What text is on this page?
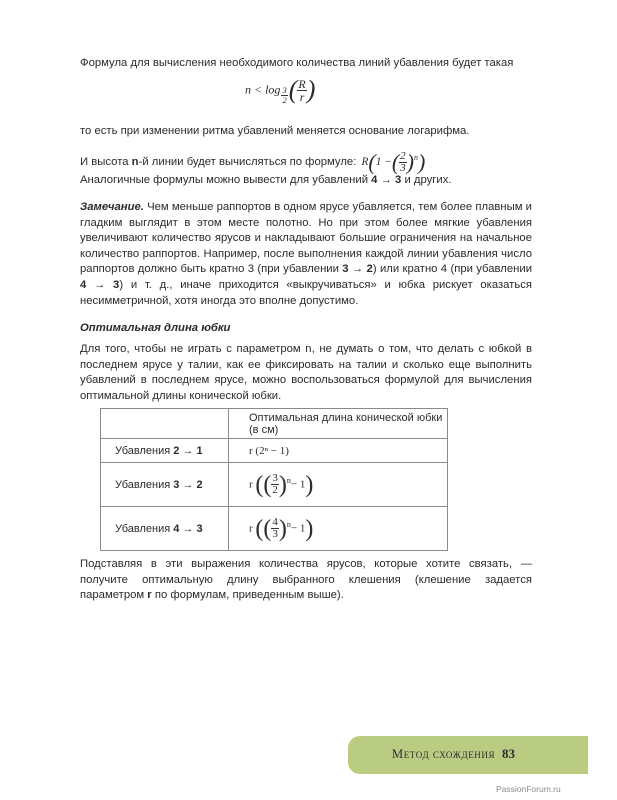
Формула для вычисления необходимого количества линий убавления будет такая
$n < \log \frac{3}{2}$ ( $\frac{R}{r}$ )
то есть при изменении ритма убавлений меняется основание логарифма.
И высота n-й линии будет вычисляться по формуле: R(1 −( $\frac{2}{3} )^n$)
Аналогичные формулы можно вывести для убавлений 4 → 3 и других.
Замечание. Чем меньше раппортов в одном ярусе убавляется, тем более плавным и гладким выглядит в этом месте полотно. Но при этом более мягкие убавления увеличивают количество ярусов и накладывают большие ограничения на начальное количество раппортов. Например, после выполнения каждой линии убавления число раппортов должно быть кратно 3 (при убавлении 3 → 2) или кратно 4 (при убавлении 4 → 3) и т. д., иначе приходится «выкручиваться» и юбка рискует оказаться несимметричной, хотя иногда это вполне допустимо.
Оптимальная длина юбки
Для того, чтобы не играть с параметром n, не думать о том, что делать с юбкой в последнем ярусе у талии, как ее фиксировать на талии и сколько еще выполнить убавлений в последнем ярусе, можно воспользоваться формулой для вычисления оптимальной длины конической юбки.
	Оптимальная длина конической юбки (в см)
Убавления 2 → 1	r (2ⁿ − 1)
Убавления 3 → 2	r (( $\frac{3}{2} )^n- 1$)
Убавления 4 → 3	r (( $\frac{4}{3} )^n- 1$)
Подставляя в эти выражения количества ярусов, которые хотите связать, — получите оптимальную длину выбранного клешения (клешение задается параметром r по формулам, приведенным выше).
Метод схождения 83
PassionForum.ru
